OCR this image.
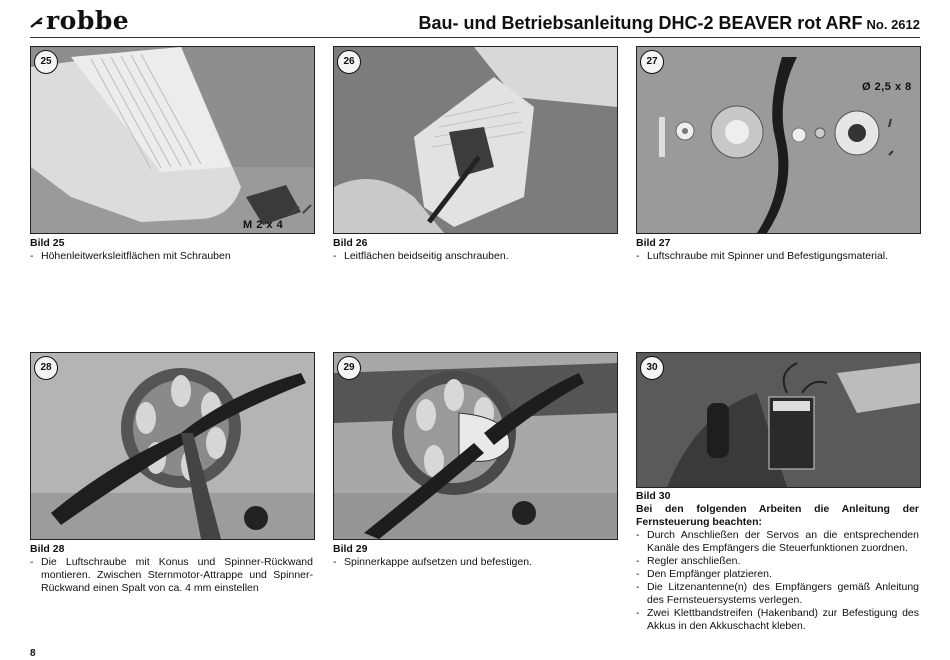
robbe	Bau- und Betriebsanleitung DHC-2 BEAVER rot ARF No. 2612
25
M 2 x 4
26	27
Ø 2,5 x 8
Bild 25
- Höhenleitwerksleitflächen mit Schrauben
Bild 26
- Leitflächen beidseitig anschrauben.
Bild 27
- Luftschraube mit Spinner und Befestigungsmaterial.
28	29	30
Bild 28
- Die Luftschraube mit Konus und Spinner-Rückwand montieren. Zwischen Sternmotor-Attrappe und Spinner-Rückwand einen Spalt von ca. 4 mm einstellen
Bild 29
- Spinnerkappe aufsetzen und befestigen.
Bild 30
Bei den folgenden Arbeiten die Anleitung der Fernsteuerung beachten:
- Durch Anschließen der Servos an die entsprechenden Kanäle des Empfängers die Steuerfunktionen zuordnen.
- Regler anschließen.
- Den Empfänger platzieren.
- Die Litzenantenne(n) des Empfängers gemäß Anleitung des Fernsteuersystems verlegen.
- Zwei Klettbandstreifen (Hakenband) zur Befestigung des Akkus in den Akkuschacht kleben.
8
